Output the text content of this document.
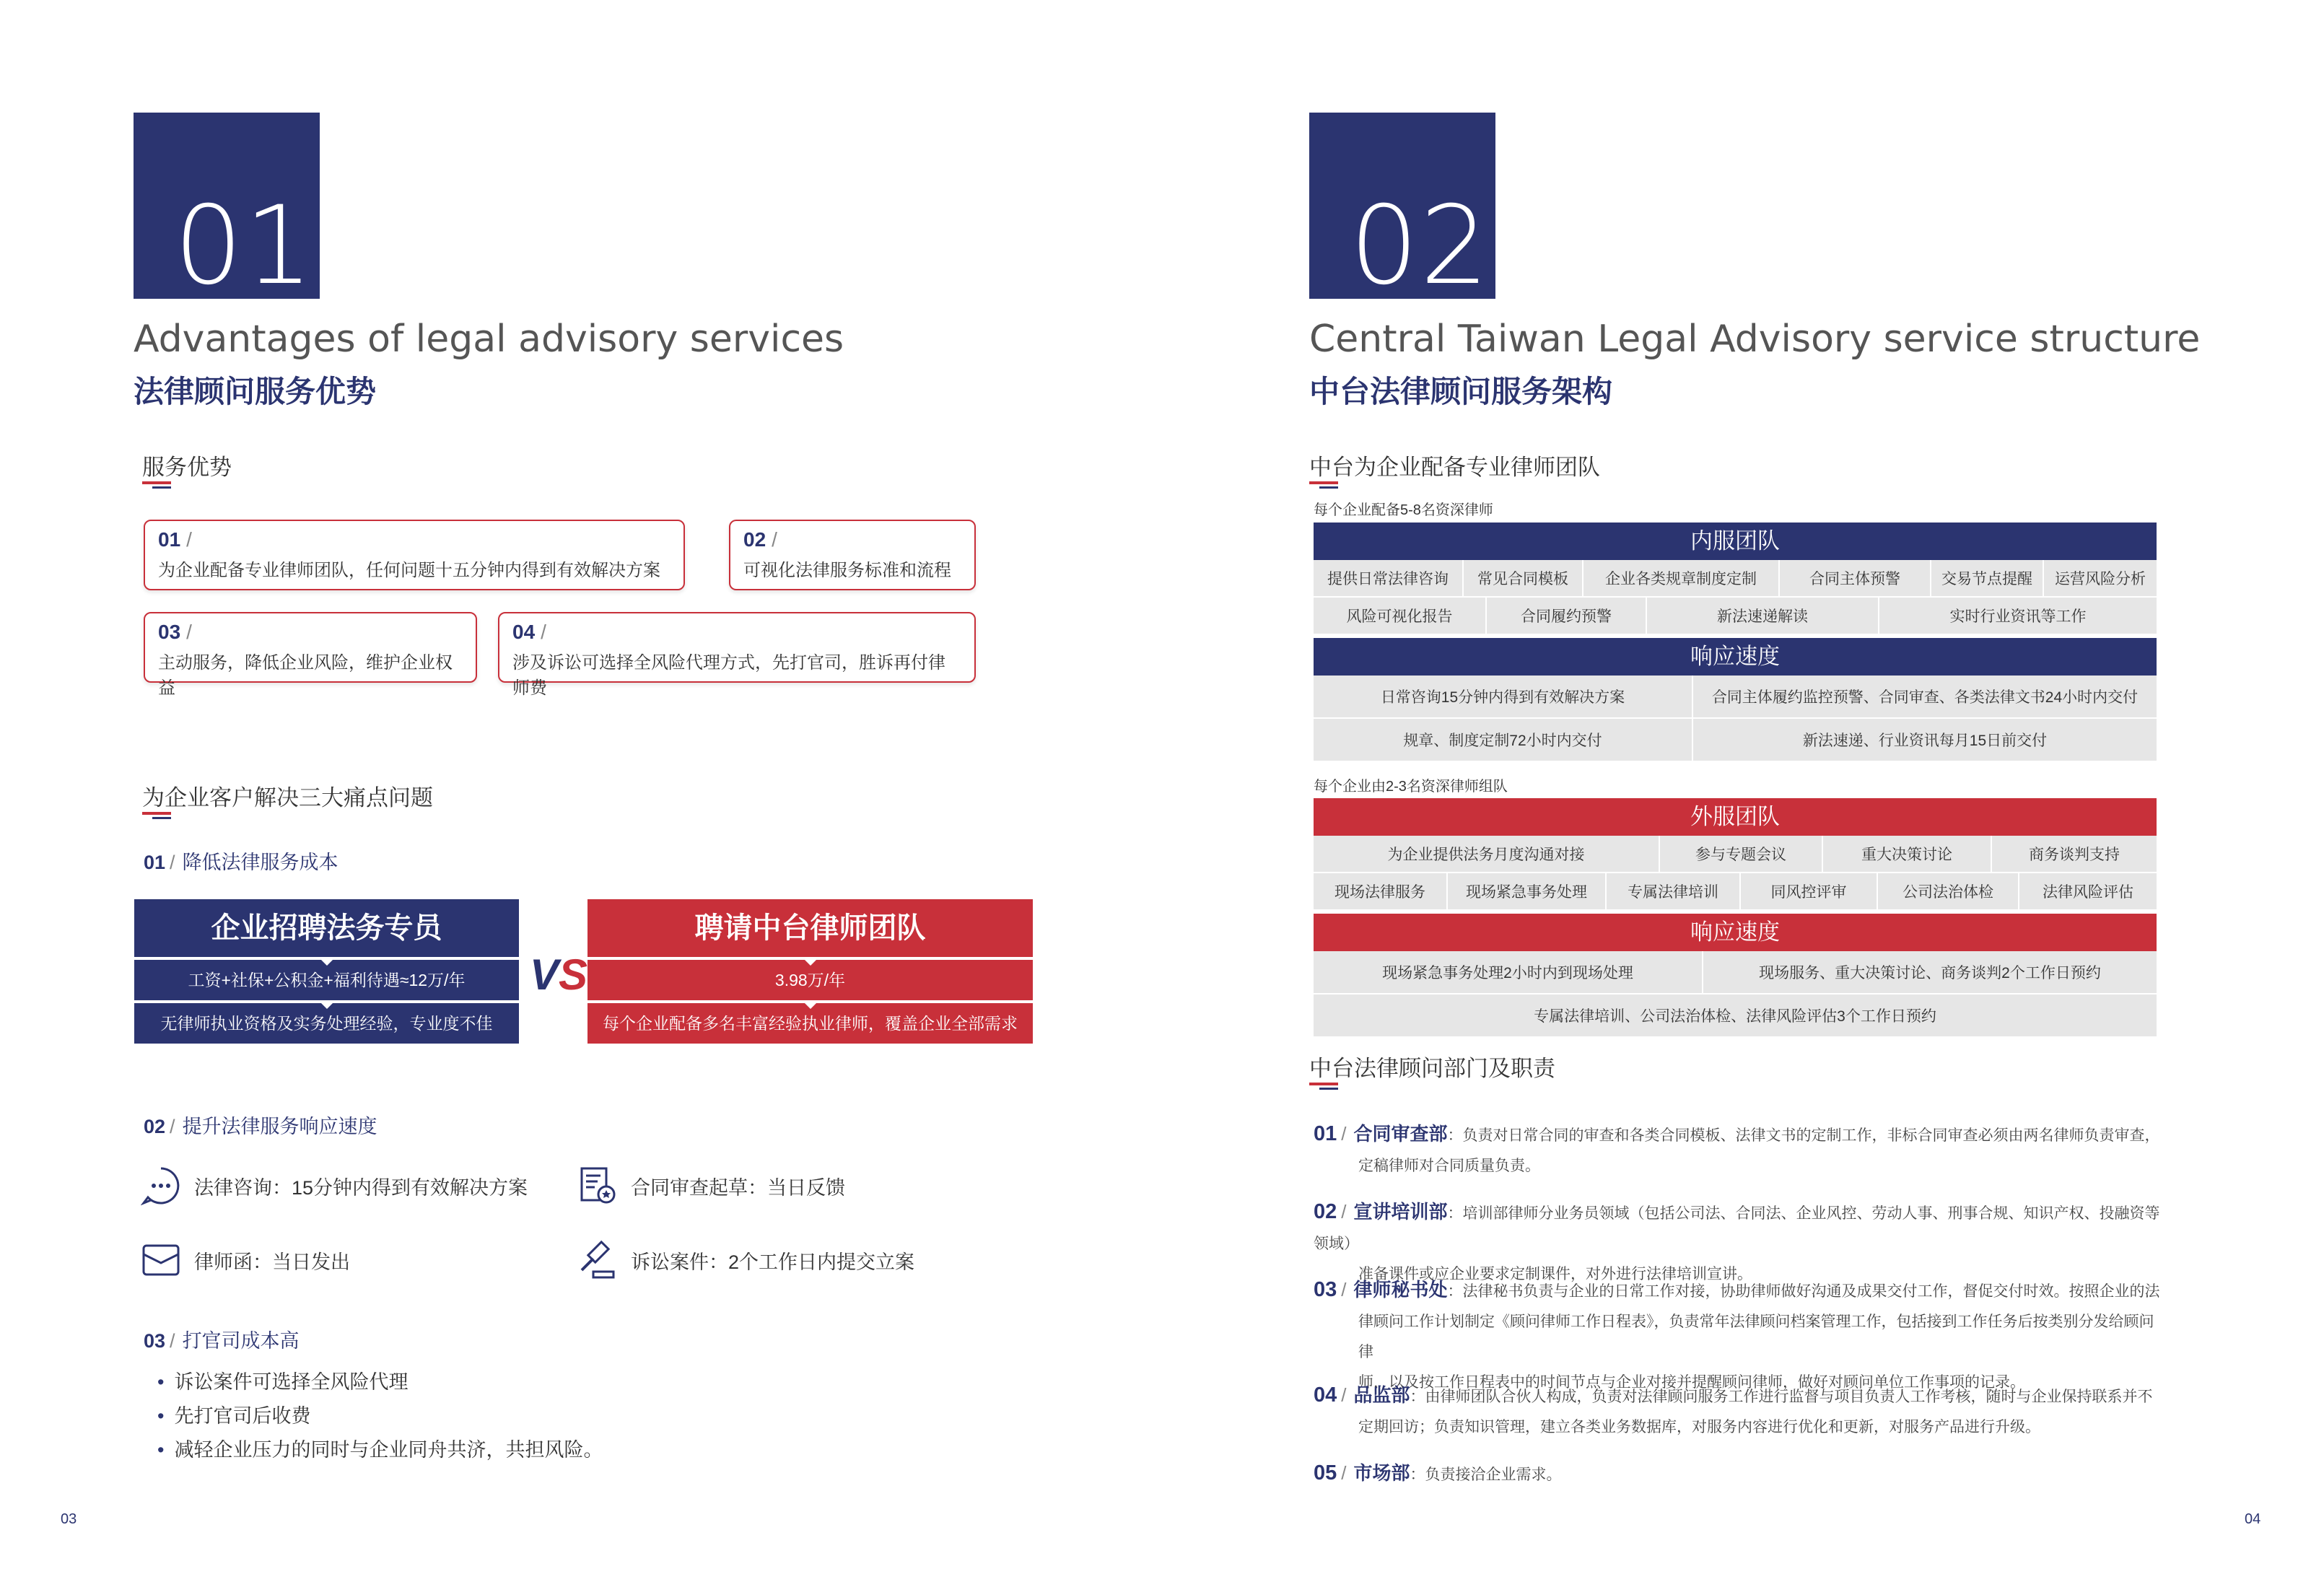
01
Advantages of legal advisory services
法律顾问服务优势
服务优势
01 /
为企业配备专业律师团队，任何问题十五分钟内得到有效解决方案
02 /
可视化法律服务标准和流程
03 /
主动服务，降低企业风险，维护企业权益
04 /
涉及诉讼可选择全风险代理方式，先打官司，胜诉再付律师费
为企业客户解决三大痛点问题
01 / 降低法律服务成本
企业招聘法务专员
工资+社保+公积金+福利待遇≈12万/年
无律师执业资格及实务处理经验，专业度不佳
VS
聘请中台律师团队
3.98万/年
每个企业配备多名丰富经验执业律师，覆盖企业全部需求
02 / 提升法律服务响应速度
法律咨询：15分钟内得到有效解决方案	合同审查起草：当日反馈
律师函：当日发出	诉讼案件：2个工作日内提交立案
03 / 打官司成本高
• 诉讼案件可选择全风险代理
• 先打官司后收费
• 减轻企业压力的同时与企业同舟共济，共担风险。
03
02
Central Taiwan Legal Advisory service structure
中台法律顾问服务架构
中台为企业配备专业律师团队
每个企业配备5-8名资深律师
内服团队
提供日常法律咨询	常见合同模板	企业各类规章制度定制	合同主体预警	交易节点提醒	运营风险分析
风险可视化报告	合同履约预警	新法速递解读	实时行业资讯等工作
响应速度
日常咨询15分钟内得到有效解决方案	合同主体履约监控预警、合同审查、各类法律文书24小时内交付
规章、制度定制72小时内交付	新法速递、行业资讯每月15日前交付
每个企业由2-3名资深律师组队
外服团队
为企业提供法务月度沟通对接	参与专题会议	重大决策讨论	商务谈判支持
现场法律服务	现场紧急事务处理	专属法律培训	同风控评审	公司法治体检	法律风险评估
响应速度
现场紧急事务处理2小时内到现场处理	现场服务、重大决策讨论、商务谈判2个工作日预约
专属法律培训、公司法治体检、法律风险评估3个工作日预约
中台法律顾问部门及职责
01 / 合同审查部：负责对日常合同的审查和各类合同模板、法律文书的定制工作，非标合同审查必须由两名律师负责审查，
定稿律师对合同质量负责。
02 / 宣讲培训部：培训部律师分业务员领域（包括公司法、合同法、企业风控、劳动人事、刑事合规、知识产权、投融资等领域）
准备课件或应企业要求定制课件，对外进行法律培训宣讲。
03 / 律师秘书处：法律秘书负责与企业的日常工作对接，协助律师做好沟通及成果交付工作，督促交付时效。按照企业的法
律顾问工作计划制定《顾问律师工作日程表》，负责常年法律顾问档案管理工作，包括接到工作任务后按类别分发给顾问律
师，以及按工作日程表中的时间节点与企业对接并提醒顾问律师，做好对顾问单位工作事项的记录。
04 / 品监部：由律师团队合伙人构成，负责对法律顾问服务工作进行监督与项目负责人工作考核，随时与企业保持联系并不
定期回访；负责知识管理，建立各类业务数据库，对服务内容进行优化和更新，对服务产品进行升级。
05 / 市场部：负责接洽企业需求。
04
